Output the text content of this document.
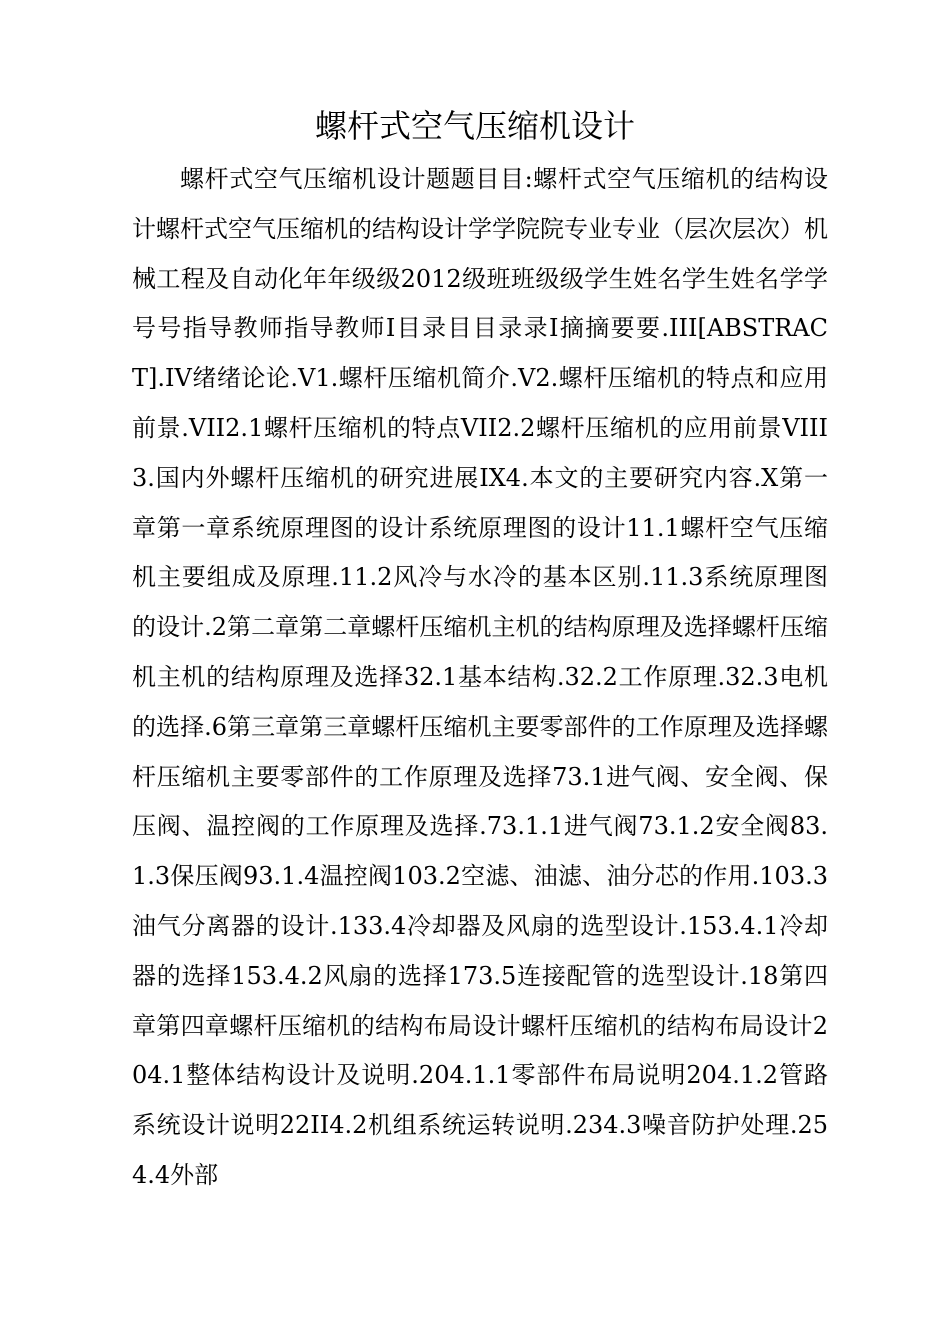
螺杆式空气压缩机设计

螺杆式空气压缩机设计题题目目:螺杆式空气压缩机的结构设计螺杆式空气压缩机的结构设计学学院院专业专业（层次层次）机械工程及自动化年年级级2012级班班级级学生姓名学生姓名学学号号指导教师指导教师I目录目目录录I摘摘要要.III[ABSTRACT].IV绪绪论论.V1.螺杆压缩机简介.V2.螺杆压缩机的特点和应用前景.VII2.1螺杆压缩机的特点VII2.2螺杆压缩机的应用前景VIII3.国内外螺杆压缩机的研究进展IX4.本文的主要研究内容.X第一章第一章系统原理图的设计系统原理图的设计11.1螺杆空气压缩机主要组成及原理.11.2风冷与水冷的基本区别.11.3系统原理图的设计.2第二章第二章螺杆压缩机主机的结构原理及选择螺杆压缩机主机的结构原理及选择32.1基本结构.32.2工作原理.32.3电机的选择.6第三章第三章螺杆压缩机主要零部件的工作原理及选择螺杆压缩机主要零部件的工作原理及选择73.1进气阀、安全阀、保压阀、温控阀的工作原理及选择.73.1.1进气阀73.1.2安全阀83.1.3保压阀93.1.4温控阀103.2空滤、油滤、油分芯的作用.103.3油气分离器的设计.133.4冷却器及风扇的选型设计.153.4.1冷却器的选择153.4.2风扇的选择173.5连接配管的选型设计.18第四章第四章螺杆压缩机的结构布局设计螺杆压缩机的结构布局设计204.1整体结构设计及说明.204.1.1零部件布局说明204.1.2管路系统设计说明22II4.2机组系统运转说明.234.3噪音防护处理.254.4外部
